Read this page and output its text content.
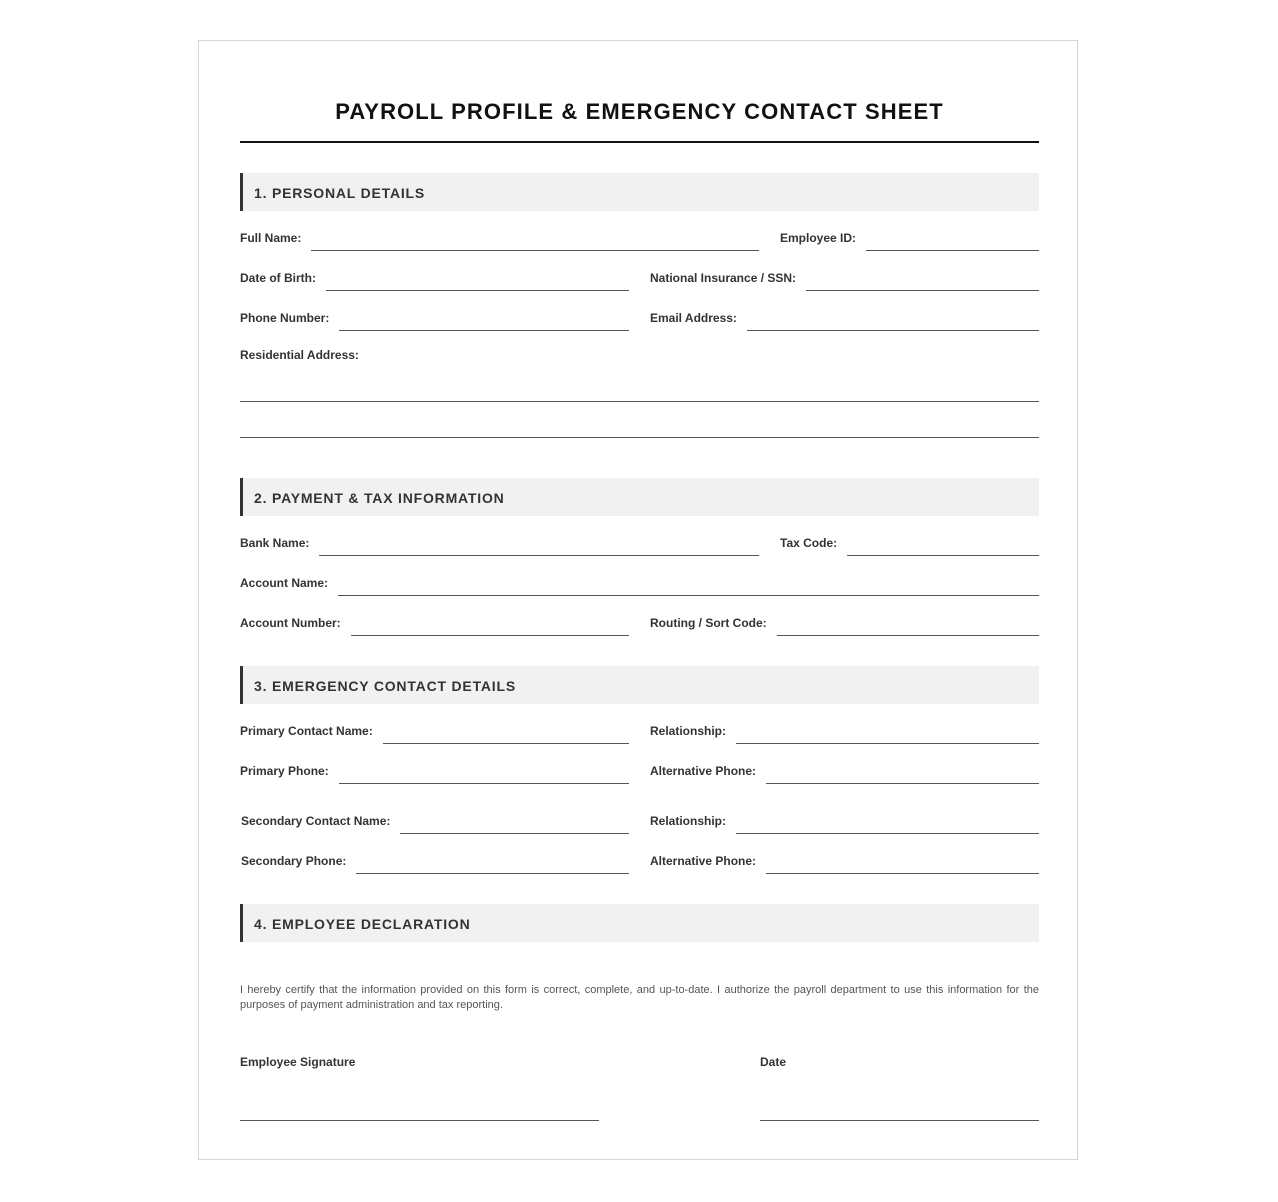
PAYROLL PROFILE & EMERGENCY CONTACT SHEET
1. PERSONAL DETAILS
Full Name:	Employee ID:
Date of Birth:	National Insurance / SSN:
Phone Number:	Email Address:
Residential Address:
2. PAYMENT & TAX INFORMATION
Bank Name:	Tax Code:
Account Name:
Account Number:	Routing / Sort Code:
3. EMERGENCY CONTACT DETAILS
Primary Contact Name:	Relationship:
Primary Phone:	Alternative Phone:
Secondary Contact Name:	Relationship:
Secondary Phone:	Alternative Phone:
4. EMPLOYEE DECLARATION
I hereby certify that the information provided on this form is correct, complete, and up-to-date. I authorize the payroll department to use this information for the purposes of payment administration and tax reporting.
Employee Signature	Date
